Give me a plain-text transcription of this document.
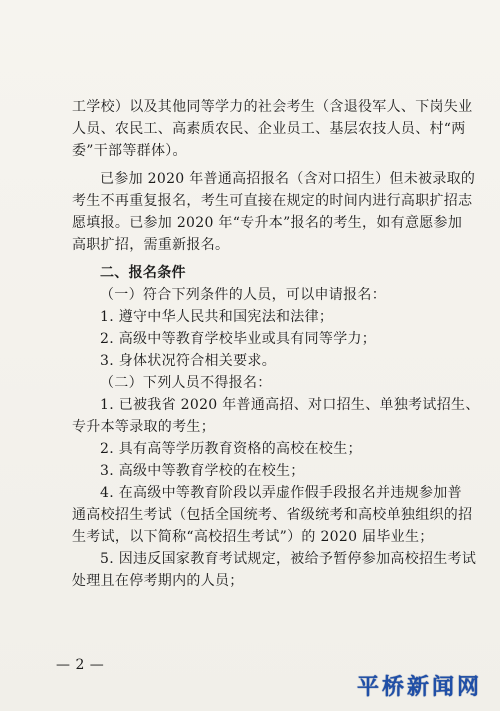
工学校）以及其他同等学力的社会考生（含退役军人、下岗失业
人员、农民工、高素质农民、企业员工、基层农技人员、村“两
委”干部等群体）。
已参加 2020 年普通高招报名（含对口招生）但未被录取的
考生不再重复报名，考生可直接在规定的时间内进行高职扩招志
愿填报。已参加 2020 年“专升本”报名的考生，如有意愿参加
高职扩招，需重新报名。
二、报名条件
（一）符合下列条件的人员，可以申请报名：
1. 遵守中华人民共和国宪法和法律；
2. 高级中等教育学校毕业或具有同等学力；
3. 身体状况符合相关要求。
（二）下列人员不得报名：
1. 已被我省 2020 年普通高招、对口招生、单独考试招生、
专升本等录取的考生；
2. 具有高等学历教育资格的高校在校生；
3. 高级中等教育学校的在校生；
4. 在高级中等教育阶段以弄虚作假手段报名并违规参加普
通高校招生考试（包括全国统考、省级统考和高校单独组织的招
生考试，以下简称“高校招生考试”）的 2020 届毕业生；
5. 因违反国家教育考试规定，被给予暂停参加高校招生考试
处理且在停考期内的人员；
— 2 —
平桥新闻网
